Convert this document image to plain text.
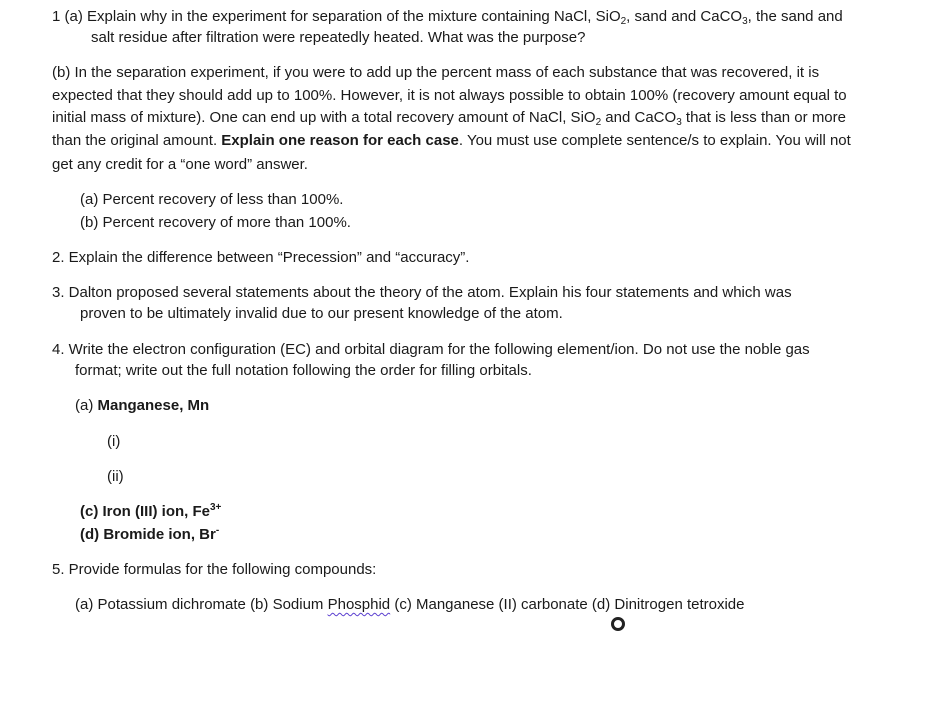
1 (a) Explain why in the experiment for separation of the mixture containing NaCl, SiO$_2$, sand and CaCO$_3$, the sand and
salt residue after filtration were repeatedly heated. What was the purpose?
(b) In the separation experiment, if you were to add up the percent mass of each substance that was recovered, it is
expected that they should add up to 100%. However, it is not always possible to obtain 100% (recovery amount equal to
initial mass of mixture). One can end up with a total recovery amount of NaCl, SiO$_2$ and CaCO$_3$ that is less than or more
than the original amount. Explain one reason for each case. You must use complete sentence/s to explain. You will not
get any credit for a “one word” answer.
(a) Percent recovery of less than 100%.
(b) Percent recovery of more than 100%.
2. Explain the difference between “Precession” and “accuracy”.
3. Dalton proposed several statements about the theory of the atom. Explain his four statements and which was
proven to be ultimately invalid due to our present knowledge of the atom.
4. Write the electron configuration (EC) and orbital diagram for the following element/ion. Do not use the noble gas
format; write out the full notation following the order for filling orbitals.
(a) Manganese, Mn
(i)
(ii)
(c) Iron (III) ion, $Fe^{3+}$
(d) Bromide ion, Br-
5. Provide formulas for the following compounds:
(a) Potassium dichromate (b) Sodium Phosphid (c) Manganese (II) carbonate (d) Dinitrogen tetroxide
